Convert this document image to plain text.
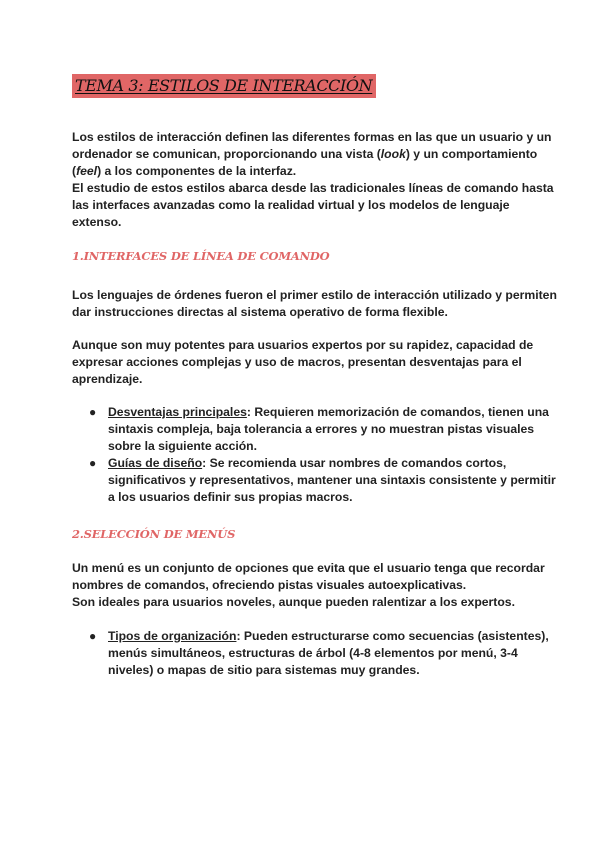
TEMA 3: ESTILOS DE INTERACCIÓN

Los estilos de interacción definen las diferentes formas en las que un usuario y un
ordenador se comunican, proporcionando una vista (look) y un comportamiento
(feel) a los componentes de la interfaz.
El estudio de estos estilos abarca desde las tradicionales líneas de comando hasta
las interfaces avanzadas como la realidad virtual y los modelos de lenguaje
extenso.

1.INTERFACES DE LÍNEA DE COMANDO

Los lenguajes de órdenes fueron el primer estilo de interacción utilizado y permiten
dar instrucciones directas al sistema operativo de forma flexible.

Aunque son muy potentes para usuarios expertos por su rapidez, capacidad de
expresar acciones complejas y uso de macros, presentan desventajas para el
aprendizaje.

● Desventajas principales: Requieren memorización de comandos, tienen una
sintaxis compleja, baja tolerancia a errores y no muestran pistas visuales
sobre la siguiente acción.
● Guías de diseño: Se recomienda usar nombres de comandos cortos,
significativos y representativos, mantener una sintaxis consistente y permitir
a los usuarios definir sus propias macros.
2.SELECCIÓN DE MENÚS

Un menú es un conjunto de opciones que evita que el usuario tenga que recordar
nombres de comandos, ofreciendo pistas visuales autoexplicativas.
Son ideales para usuarios noveles, aunque pueden ralentizar a los expertos.

● Tipos de organización: Pueden estructurarse como secuencias (asistentes),
menús simultáneos, estructuras de árbol (4-8 elementos por menú, 3-4
niveles) o mapas de sitio para sistemas muy grandes.
